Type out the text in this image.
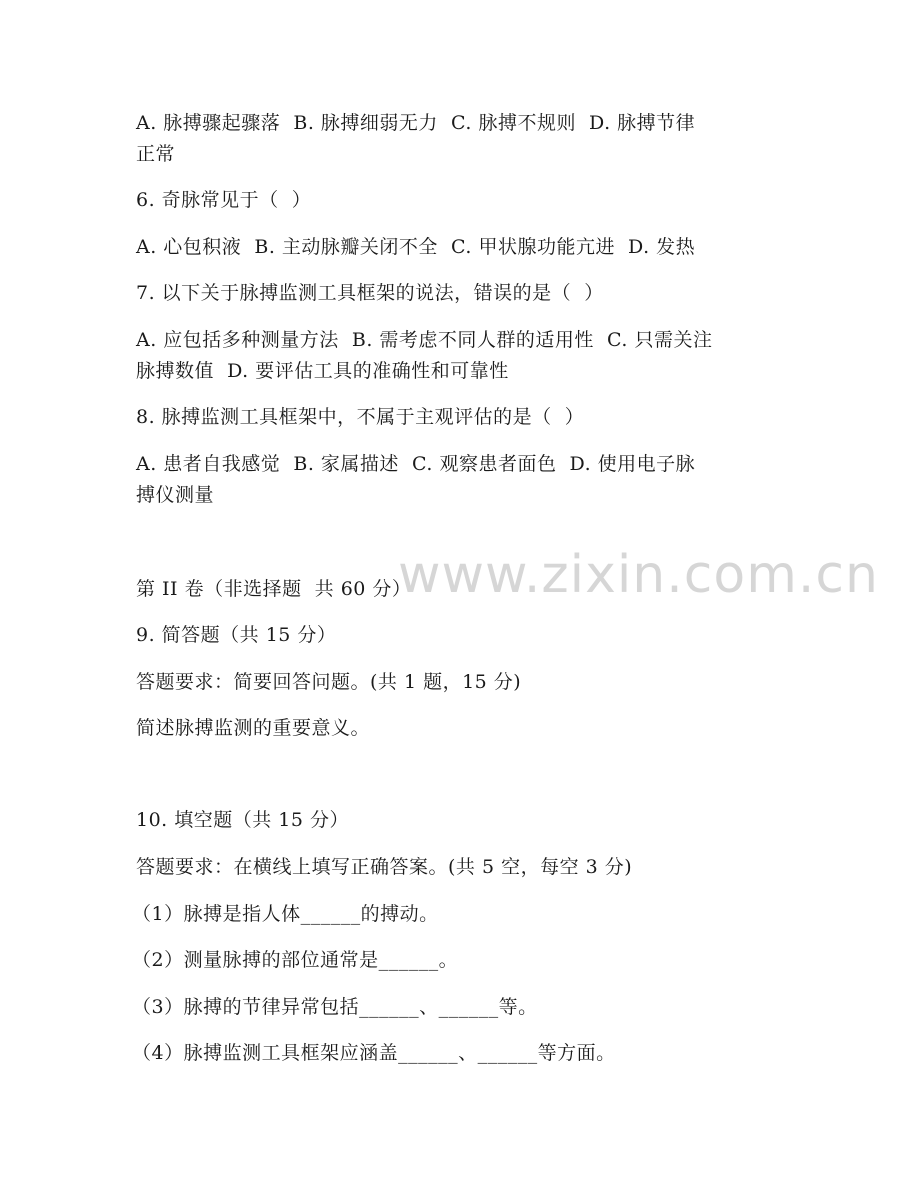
A. 脉搏骤起骤落  B. 脉搏细弱无力  C. 脉搏不规则  D. 脉搏节律
正常
6. 奇脉常见于（  ）
A. 心包积液  B. 主动脉瓣关闭不全  C. 甲状腺功能亢进  D. 发热
7. 以下关于脉搏监测工具框架的说法，错误的是（  ）
A. 应包括多种测量方法  B. 需考虑不同人群的适用性  C. 只需关注
脉搏数值  D. 要评估工具的准确性和可靠性
8. 脉搏监测工具框架中，不属于主观评估的是（  ）
A. 患者自我感觉  B. 家属描述  C. 观察患者面色  D. 使用电子脉
搏仪测量
www.zixin.com.cn
第 II 卷（非选择题  共 60 分）
9. 简答题（共 15 分）
答题要求：简要回答问题。(共 1 题，15 分)
简述脉搏监测的重要意义。
10. 填空题（共 15 分）
答题要求：在横线上填写正确答案。(共 5 空，每空 3 分)
（1）脉搏是指人体______的搏动。
（2）测量脉搏的部位通常是______。
（3）脉搏的节律异常包括______、______等。
（4）脉搏监测工具框架应涵盖______、______等方面。
